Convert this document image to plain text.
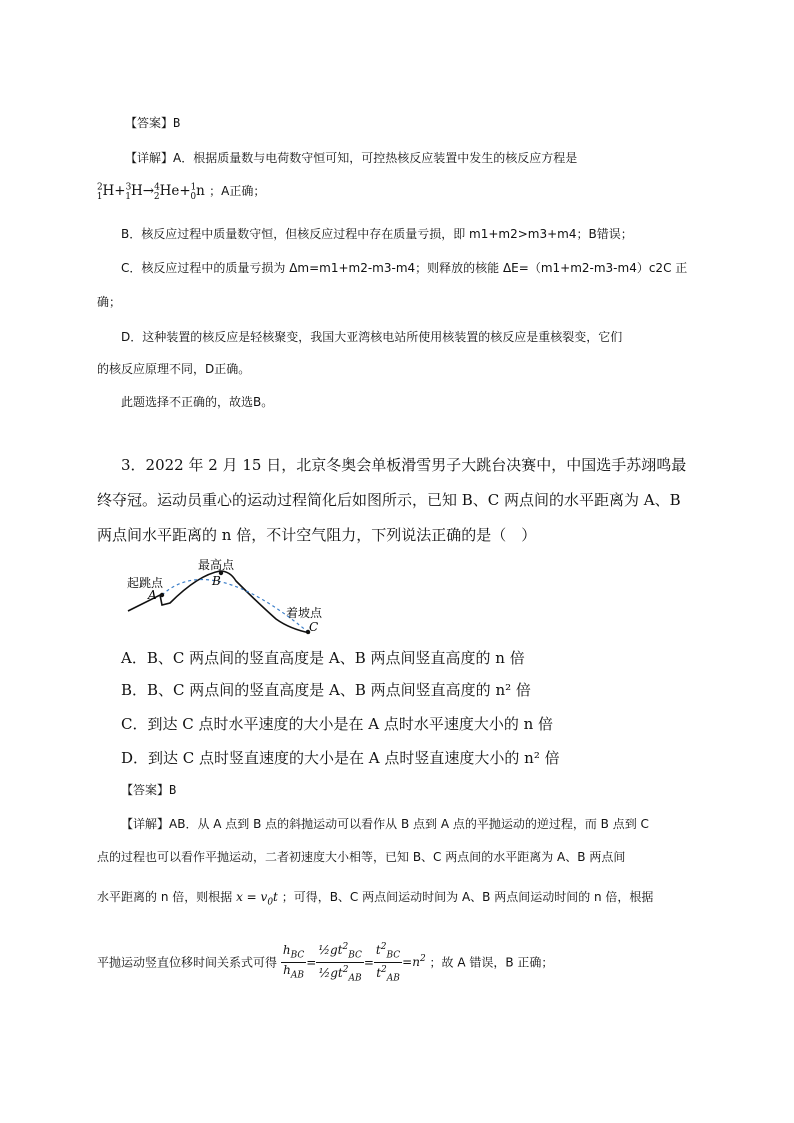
【答案】B
【详解】A．根据质量数与电荷数守恒可知，可控热核反应装置中发生的核反应方程是
$^2_1$H+$^3_1$H→$^4_2$He+$^1_0$n ；A正确；
B．核反应过程中质量数守恒，但核反应过程中存在质量亏损，即 m1+m2>m3+m4；B错误；
C．核反应过程中的质量亏损为 Δm=m1+m2-m3-m4；则释放的核能 ΔE=（m1+m2-m3-m4）c2C 正
确；
D．这种装置的核反应是轻核聚变，我国大亚湾核电站所使用核装置的核反应是重核裂变，它们
的核反应原理不同，D正确。
此题选择不正确的，故选B。
3．2022 年 2 月 15 日，北京冬奥会单板滑雪男子大跳台决赛中，中国选手苏翊鸣最
终夺冠。运动员重心的运动过程简化后如图所示，已知 B、C 两点间的水平距离为 A、B
两点间水平距离的 n 倍，不计空气阻力，下列说法正确的是（　）
起跳点
最高点
着坡点
A
B
C
A．B、C 两点间的竖直高度是 A、B 两点间竖直高度的 n 倍
B．B、C 两点间的竖直高度是 A、B 两点间竖直高度的 n² 倍
C．到达 C 点时水平速度的大小是在 A 点时水平速度大小的 n 倍
D．到达 C 点时竖直速度的大小是在 A 点时竖直速度大小的 n² 倍
【答案】B
【详解】AB．从 A 点到 B 点的斜抛运动可以看作从 B 点到 A 点的平抛运动的逆过程，而 B 点到 C
点的过程也可以看作平抛运动，二者初速度大小相等，已知 B、C 两点间的水平距离为 A、B 两点间
水平距离的 n 倍，则根据 $x = v_0t$ ；可得，B、C 两点间运动时间为 A、B 两点间运动时间的 n 倍，根据
平抛运动竖直位移时间关系式可得 $\frac{h_{BC}}{h_{AB}} = \frac{\frac{1}{2}gt^2_{BC}}{\frac{1}{2}gt^2_{AB}} = \frac{t^2_{BC}}{t^2_{AB}} =n^2$ ；故 A 错误，B 正确；
